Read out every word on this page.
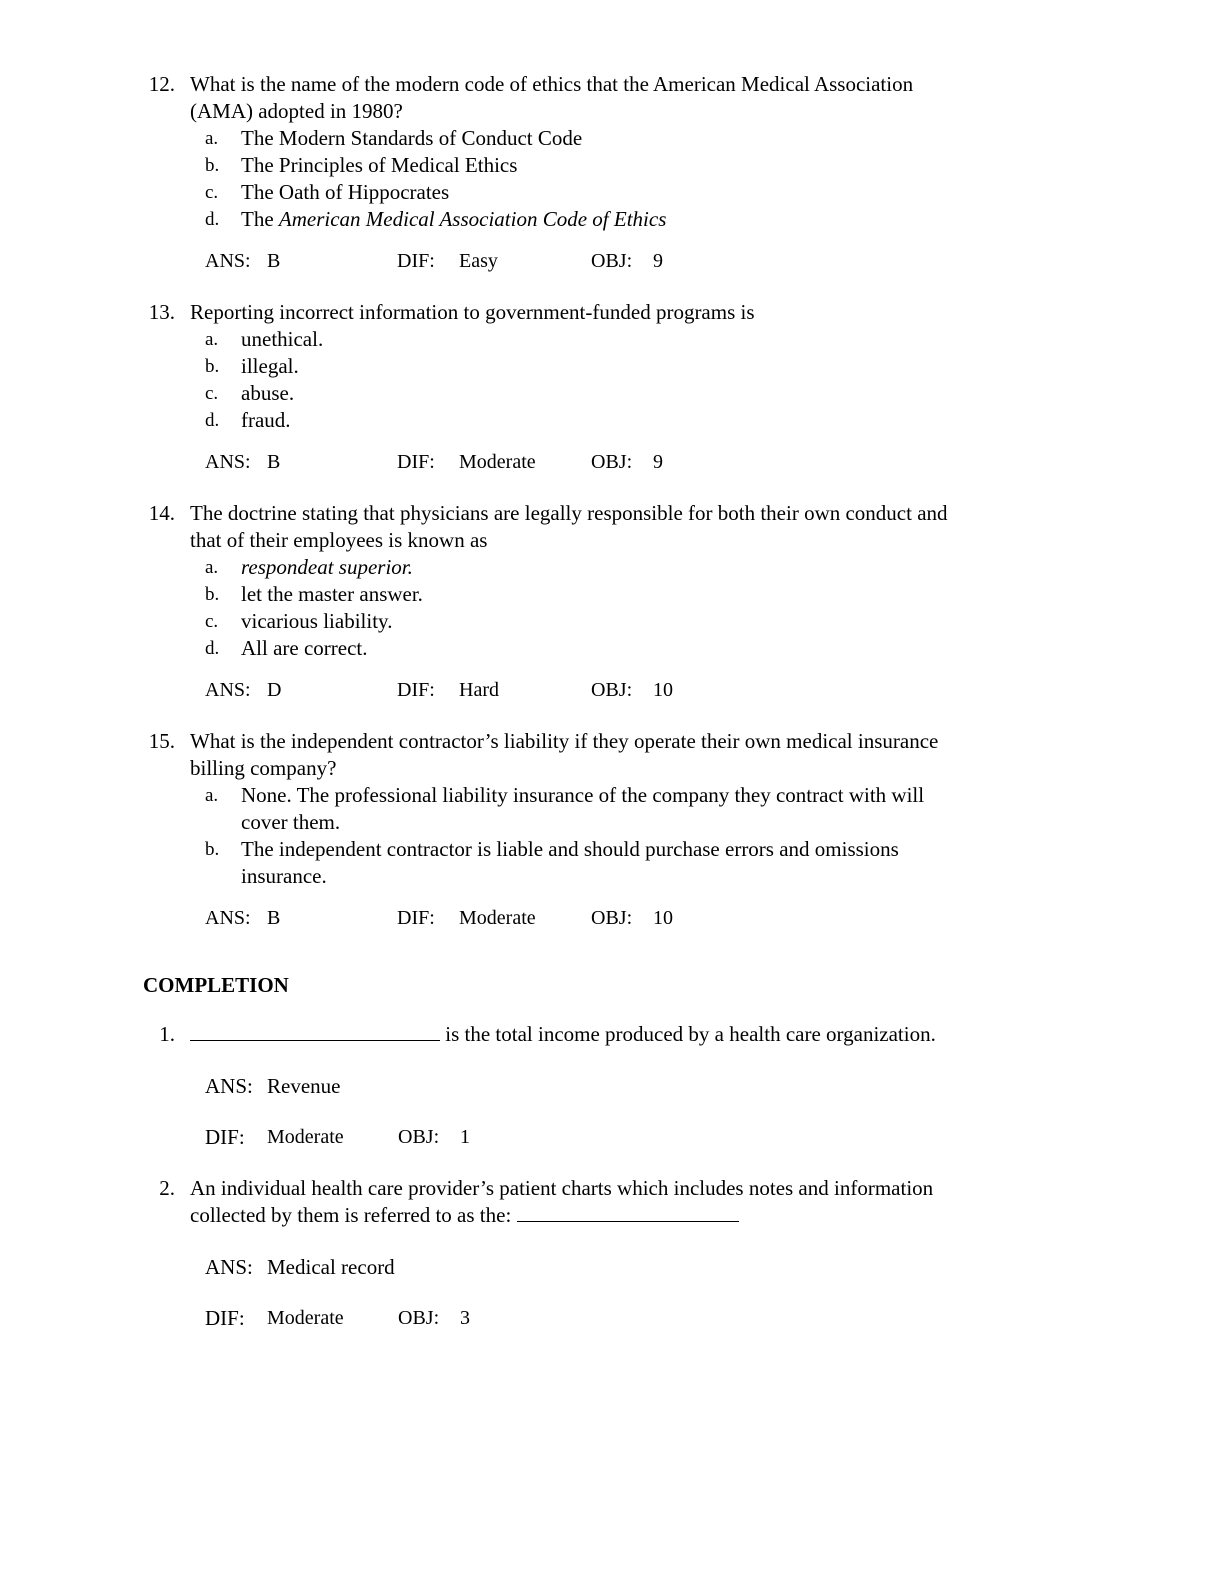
12. What is the name of the modern code of ethics that the American Medical Association
(AMA) adopted in 1980?
a.	The Modern Standards of Conduct Code
b.	The Principles of Medical Ethics
c.	The Oath of Hippocrates
d.	The American Medical Association Code of Ethics
ANS: B	DIF:	Easy	OBJ:	9
13. Reporting incorrect information to government-funded programs is
a.	unethical.
b.	illegal.
c.	abuse.
d.	fraud.
ANS: B	DIF:	Moderate	OBJ:	9
14. The doctrine stating that physicians are legally responsible for both their own conduct and
that of their employees is known as
a.	respondeat superior.
b.	let the master answer.
c.	vicarious liability.
d.	All are correct.
ANS: D	DIF:	Hard	OBJ:	10
15. What is the independent contractor’s liability if they operate their own medical insurance
billing company?
a.	None. The professional liability insurance of the company they contract with will
cover them.
b.	The independent contractor is liable and should purchase errors and omissions
insurance.
ANS: B	DIF:	Moderate	OBJ:	10
COMPLETION
1.	is the total income produced by a health care organization.
ANS: Revenue
DIF:	Moderate	OBJ:	1
2. An individual health care provider’s patient charts which includes notes and information
collected by them is referred to as the:
ANS: Medical record
DIF:	Moderate	OBJ:	3
